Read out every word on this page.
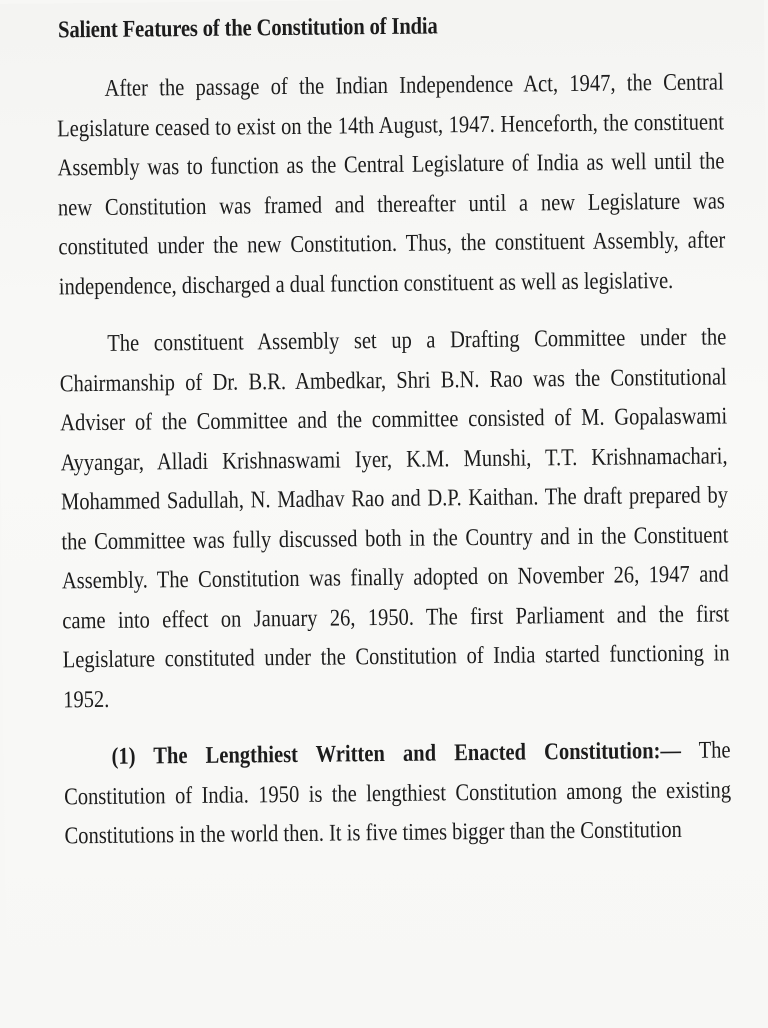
Salient Features of the Constitution of India

After the passage of the Indian Independence Act, 1947, the Central Legislature ceased to exist on the 14th August, 1947. Henceforth, the constituent Assembly was to function as the Central Legislature of India as well until the new Constitution was framed and thereafter until a new Legislature was constituted under the new Constitution. Thus, the constituent Assembly, after independence, discharged a dual function constituent as well as legislative.

The constituent Assembly set up a Drafting Committee under the Chairmanship of Dr. B.R. Ambedkar, Shri B.N. Rao was the Constitutional Adviser of the Committee and the committee consisted of M. Gopalaswami Ayyangar, Alladi Krishnaswami Iyer, K.M. Munshi, T.T. Krishnamachari, Mohammed Sadullah, N. Madhav Rao and D.P. Kaithan. The draft prepared by the Committee was fully discussed both in the Country and in the Constituent Assembly. The Constitution was finally adopted on November 26, 1947 and came into effect on January 26, 1950. The first Parliament and the first Legislature constituted under the Constitution of India started functioning in 1952.

(1) The Lengthiest Written and Enacted Constitution:— The Constitution of India. 1950 is the lengthiest Constitution among the existing Constitutions in the world then. It is five times bigger than the Constitution
